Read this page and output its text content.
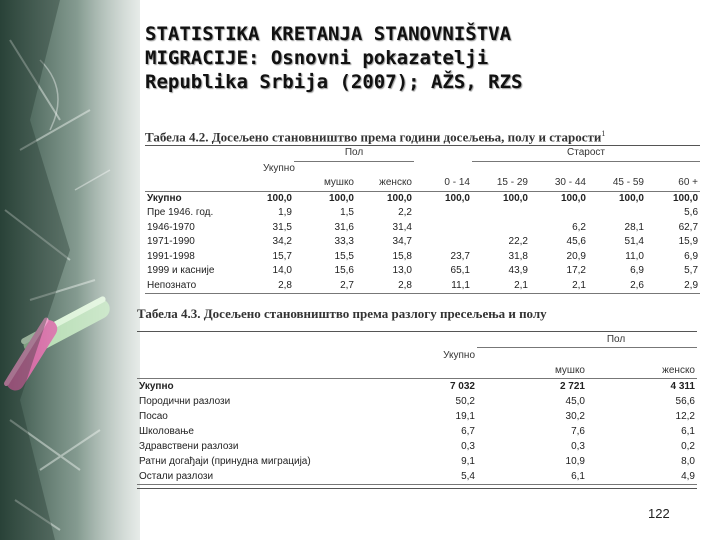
STATISTIKA KRETANJA STANOVNIŠTVA
MIGRACIJE: Osnovni pokazatelji
Republika Srbija (2007); AŽS, RZS
Табела 4.2. Досељено становништво према години досељења, полу и старости$^1$
		Пол			Старост			
	Укупно							
		мушко	женско	0 - 14	15 - 29	30 - 44	45 - 59	60 +
Укупно	100,0	100,0	100,0	100,0	100,0	100,0	100,0	100,0
Пре 1946. год.	1,9	1,5	2,2					5,6
1946-1970	31,5	31,6	31,4			6,2	28,1	62,7
1971-1990	34,2	33,3	34,7		22,2	45,6	51,4	15,9
1991-1998	15,7	15,5	15,8	23,7	31,8	20,9	11,0	6,9
1999 и касније	14,0	15,6	13,0	65,1	43,9	17,2	6,9	5,7
Непознато	2,8	2,7	2,8	11,1	2,1	2,1	2,6	2,9
Табела 4.3. Досељено становништво према разлогу пресељења и полу
		Пол	
	Укупно		
		мушко	женско
Укупно	7 032	2 721	4 311
Породични разлози	50,2	45,0	56,6
Посао	19,1	30,2	12,2
Школовање	6,7	7,6	6,1
Здравствени разлози	0,3	0,3	0,2
Ратни догађаји (принудна миграција)	9,1	10,9	8,0
Остали разлози	5,4	6,1	4,9
122
